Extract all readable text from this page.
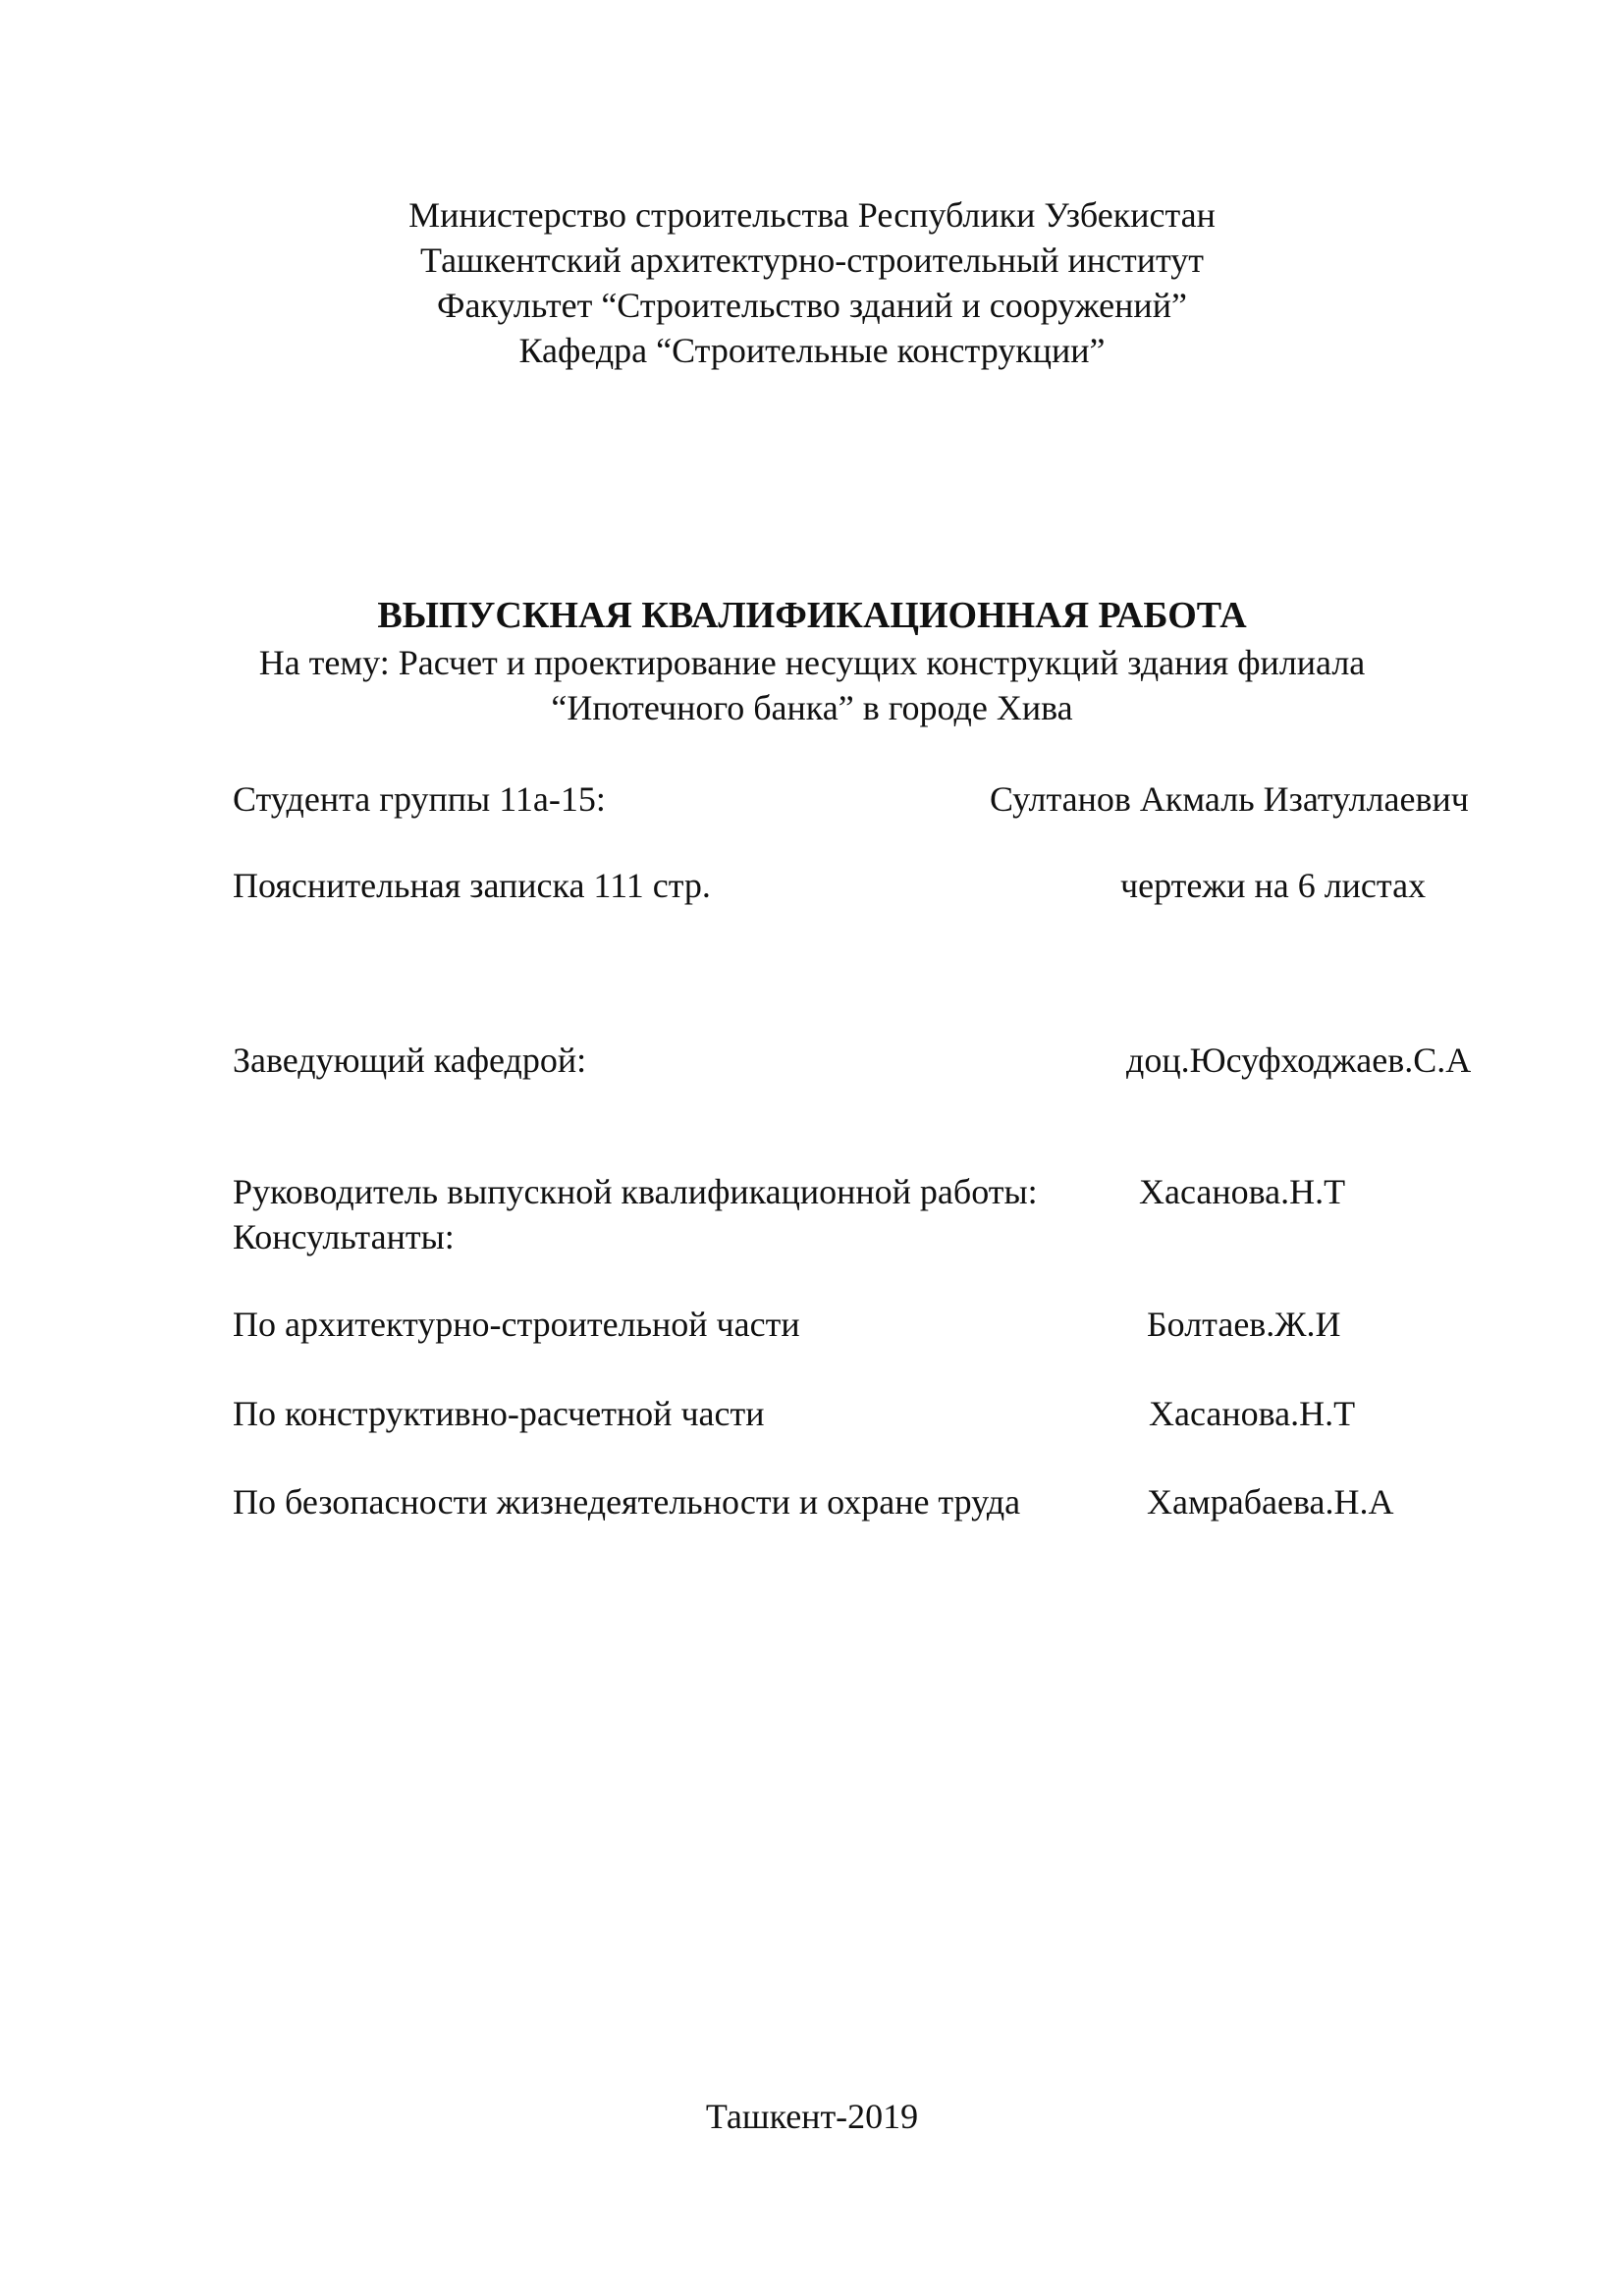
Министерство строительства Республики Узбекистан
Ташкентский архитектурно-строительный институт
Факультет “Строительство зданий и сооружений”
Кафедра “Строительные конструкции”
ВЫПУСКНАЯ КВАЛИФИКАЦИОННАЯ РАБОТА
На тему: Расчет и проектирование несущих конструкций здания филиала
“Ипотечного банка” в городе Хива
Студента группы 11а-15:	Султанов Акмаль Изатуллаевич
Пояснительная записка 111 стр.	чертежи на 6 листах
Заведующий кафедрой:	доц.Юсуфходжаев.С.А
Руководитель выпускной квалификационной работы:	Хасанова.Н.Т
Консультанты:
По архитектурно-строительной части	Болтаев.Ж.И
По конструктивно-расчетной части	Хасанова.Н.Т
По безопасности жизнедеятельности и охране труда	Хамрабаева.Н.А
Ташкент-2019
